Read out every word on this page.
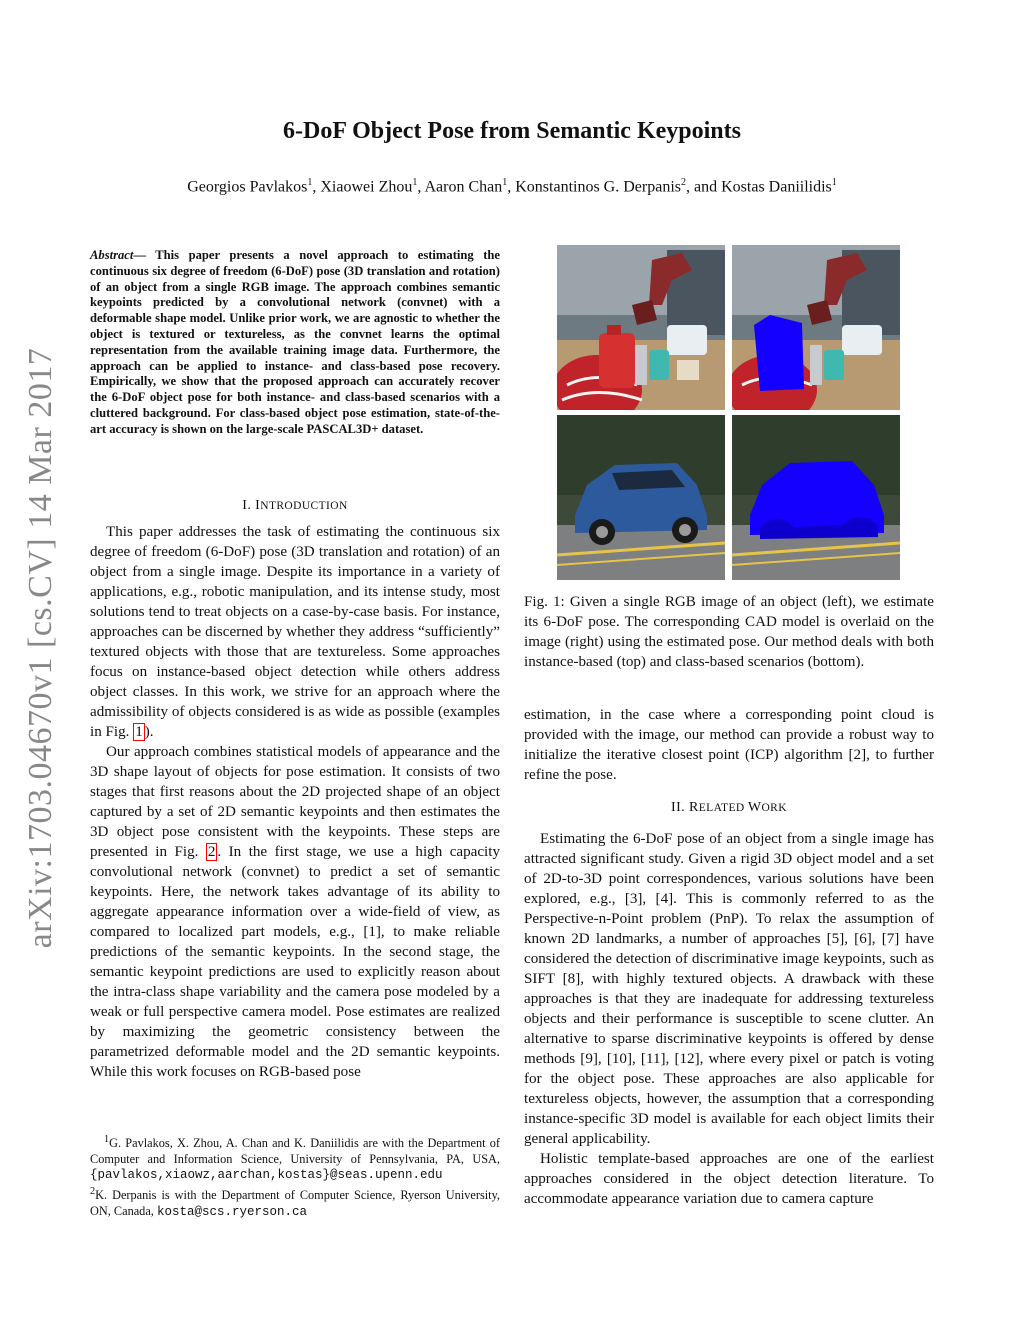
6-DoF Object Pose from Semantic Keypoints
Georgios Pavlakos$^1$, Xiaowei Zhou$^1$, Aaron Chan$^1$, Konstantinos G. Derpanis$^2$, and Kostas Daniilidis$^1$
arXiv:1703.04670v1 [cs.CV] 14 Mar 2017

Abstract— This paper presents a novel approach to estimating the continuous six degree of freedom (6-DoF) pose (3D translation and rotation) of an object from a single RGB image. The approach combines semantic keypoints predicted by a convolutional network (convnet) with a deformable shape model. Unlike prior work, we are agnostic to whether the object is textured or textureless, as the convnet learns the optimal representation from the available training image data. Furthermore, the approach can be applied to instance- and class-based pose recovery. Empirically, we show that the proposed approach can accurately recover the 6-DoF object pose for both instance- and class-based scenarios with a cluttered background. For class-based object pose estimation, state-of-the-art accuracy is shown on the large-scale PASCAL3D+ dataset.

I. INTRODUCTION

This paper addresses the task of estimating the continuous six degree of freedom (6-DoF) pose (3D translation and rotation) of an object from a single image. Despite its importance in a variety of applications, e.g., robotic manipulation, and its intense study, most solutions tend to treat objects on a case-by-case basis. For instance, approaches can be discerned by whether they address “sufficiently” textured objects with those that are textureless. Some approaches focus on instance-based object detection while others address object classes. In this work, we strive for an approach where the admissibility of objects considered is as wide as possible (examples in Fig. 1 ).

Our approach combines statistical models of appearance and the 3D shape layout of objects for pose estimation. It consists of two stages that first reasons about the 2D projected shape of an object captured by a set of 2D semantic keypoints and then estimates the 3D object pose consistent with the keypoints. These steps are presented in Fig. 2 . In the first stage, we use a high capacity convolutional network (convnet) to predict a set of semantic keypoints. Here, the network takes advantage of its ability to aggregate appearance information over a wide-field of view, as compared to localized part models, e.g., [1], to make reliable predictions of the semantic keypoints. In the second stage, the semantic keypoint predictions are used to explicitly reason about the intra-class shape variability and the camera pose modeled by a weak or full perspective camera model. Pose estimates are realized by maximizing the geometric consistency between the parametrized deformable model and the 2D semantic keypoints. While this work focuses on RGB-based pose

$^1$G. Pavlakos, X. Zhou, A. Chan and K. Daniilidis are with the Department of Computer and Information Science, University of Pennsylvania, PA, USA, {pavlakos,xiaowz,aarchan,kostas}@seas.upenn.edu
$^2$K. Derpanis is with the Department of Computer Science, Ryerson University, ON, Canada, kosta@scs.ryerson.ca

Fig. 1: Given a single RGB image of an object (left), we estimate its 6-DoF pose. The corresponding CAD model is overlaid on the image (right) using the estimated pose. Our method deals with both instance-based (top) and class-based scenarios (bottom).

estimation, in the case where a corresponding point cloud is provided with the image, our method can provide a robust way to initialize the iterative closest point (ICP) algorithm [2], to further refine the pose.

II. RELATED WORK

Estimating the 6-DoF pose of an object from a single image has attracted significant study. Given a rigid 3D object model and a set of 2D-to-3D point correspondences, various solutions have been explored, e.g., [3], [4]. This is commonly referred to as the Perspective-n-Point problem (PnP). To relax the assumption of known 2D landmarks, a number of approaches [5], [6], [7] have considered the detection of discriminative image keypoints, such as SIFT [8], with highly textured objects. A drawback with these approaches is that they are inadequate for addressing textureless objects and their performance is susceptible to scene clutter. An alternative to sparse discriminative keypoints is offered by dense methods [9], [10], [11], [12], where every pixel or patch is voting for the object pose. These approaches are also applicable for textureless objects, however, the assumption that a corresponding instance-specific 3D model is available for each object limits their general applicability.

Holistic template-based approaches are one of the earliest approaches considered in the object detection literature. To accommodate appearance variation due to camera capture
